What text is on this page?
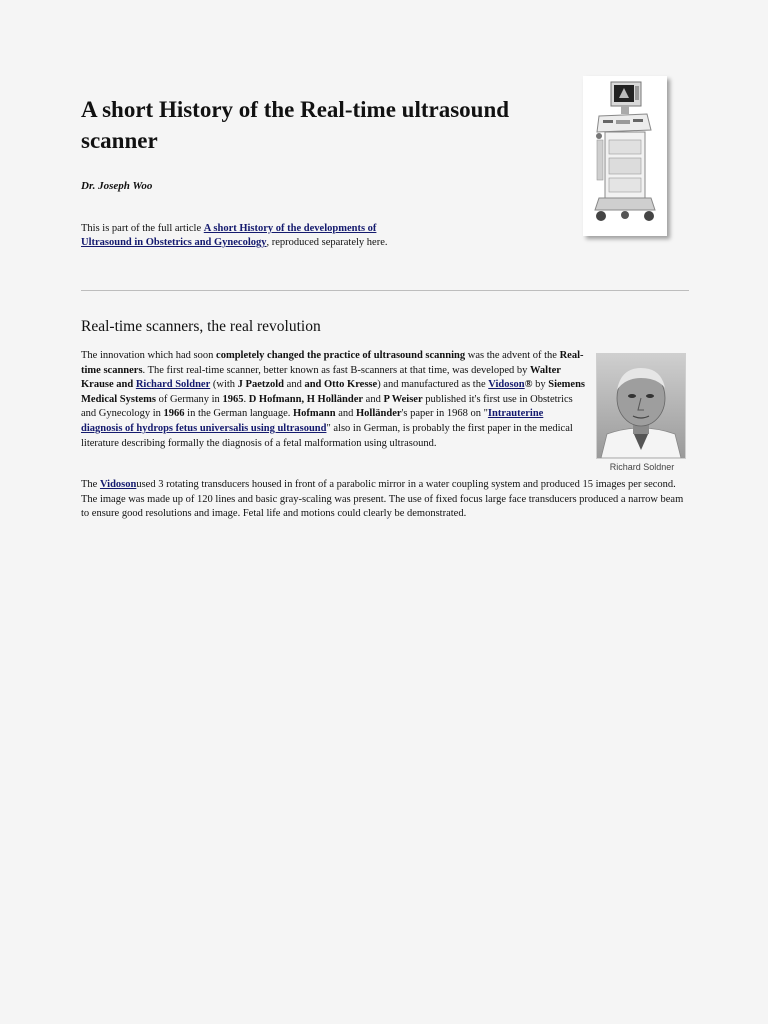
A short History of the Real-time ultrasound scanner
Dr. Joseph Woo

This is part of the full article A short History of the developments of Ultrasound in Obstetrics and Gynecology, reproduced separately here.

Real-time scanners, the real revolution

The innovation which had soon completely changed the practice of ultrasound scanning was the advent of the Real-time scanners. The first real-time scanner, better known as fast B-scanners at that time, was developed by Walter Krause and Richard Soldner (with J Paetzold and and Otto Kresse) and manufactured as the Vidoson® by Siemens Medical Systems of Germany in 1965. D Hofmann, H Holländer and P Weiser published it's first use in Obstetrics and Gynecology in 1966 in the German language. Hofmann and Holländer's paper in 1968 on "Intrauterine diagnosis of hydrops fetus universalis using ultrasound" also in German, is probably the first paper in the medical literature describing formally the diagnosis of a fetal malformation using ultrasound.

Richard Soldner

The Vidosonused 3 rotating transducers housed in front of a parabolic mirror in a water coupling system and produced 15 images per second. The image was made up of 120 lines and basic gray-scaling was present. The use of fixed focus large face transducers produced a narrow beam to ensure good resolutions and image. Fetal life and motions could clearly be demonstrated.
